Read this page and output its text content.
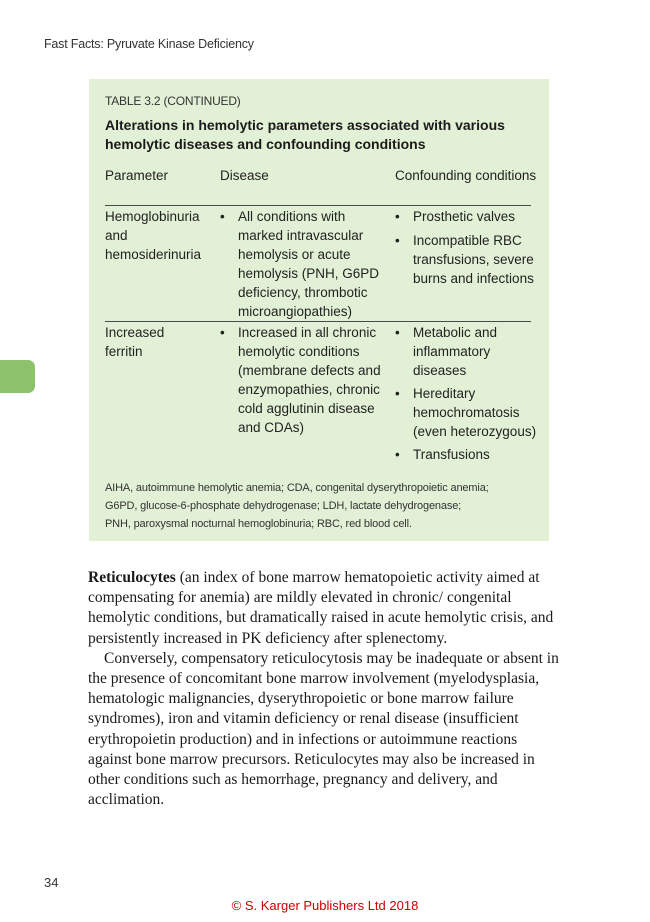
Fast Facts: Pyruvate Kinase Deficiency
TABLE 3.2 (CONTINUED)
Alterations in hemolytic parameters associated with various hemolytic diseases and confounding conditions
Parameter	Disease	Confounding conditions
Hemoglobinuria and hemosiderinuria
• All conditions with marked intravascular hemolysis or acute hemolysis (PNH, G6PD deficiency, thrombotic microangiopathies)
• Prosthetic valves
• Incompatible RBC transfusions, severe burns and infections
Increased ferritin
• Increased in all chronic hemolytic conditions (membrane defects and enzymopathies, chronic cold agglutinin disease and CDAs)
• Metabolic and inflammatory diseases
• Hereditary hemochromatosis (even heterozygous)
• Transfusions
AIHA, autoimmune hemolytic anemia; CDA, congenital dyserythropoietic anemia;
G6PD, glucose-6-phosphate dehydrogenase; LDH, lactate dehydrogenase;
PNH, paroxysmal nocturnal hemoglobinuria; RBC, red blood cell.

Reticulocytes (an index of bone marrow hematopoietic activity aimed at compensating for anemia) are mildly elevated in chronic/ congenital hemolytic conditions, but dramatically raised in acute hemolytic crisis, and persistently increased in PK deficiency after splenectomy.

Conversely, compensatory reticulocytosis may be inadequate or absent in the presence of concomitant bone marrow involvement (myelodysplasia, hematologic malignancies, dyserythropoietic or bone marrow failure syndromes), iron and vitamin deficiency or renal disease (insufficient erythropoietin production) and in infections or autoimmune reactions against bone marrow precursors. Reticulocytes may also be increased in other conditions such as hemorrhage, pregnancy and delivery, and acclimation.

34
© S. Karger Publishers Ltd 2018
